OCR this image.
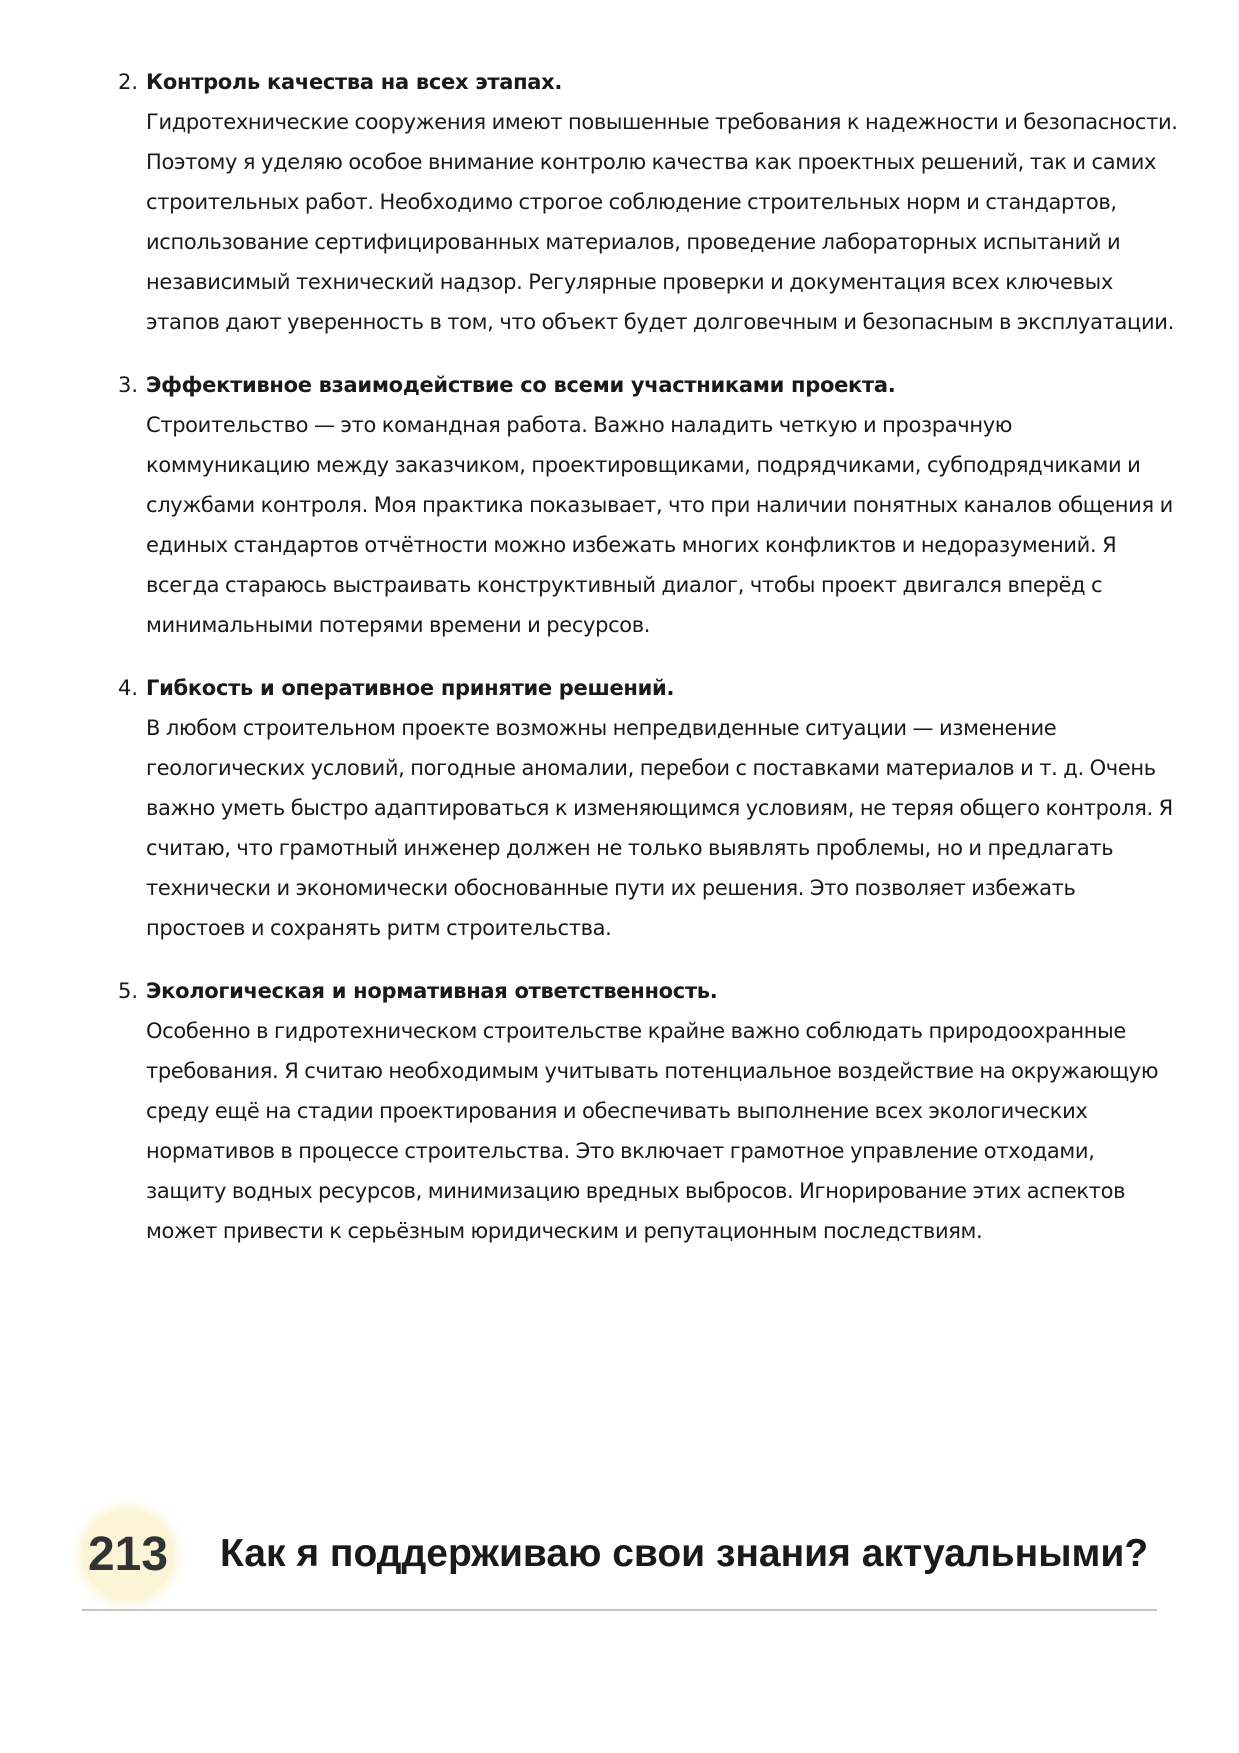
2. Контроль качества на всех этапах.
Гидротехнические сооружения имеют повышенные требования к надежности и безопасности. Поэтому я уделяю особое внимание контролю качества как проектных решений, так и самих строительных работ. Необходимо строгое соблюдение строительных норм и стандартов, использование сертифицированных материалов, проведение лабораторных испытаний и независимый технический надзор. Регулярные проверки и документация всех ключевых этапов дают уверенность в том, что объект будет долговечным и безопасным в эксплуатации.
3. Эффективное взаимодействие со всеми участниками проекта.
Строительство — это командная работа. Важно наладить четкую и прозрачную коммуникацию между заказчиком, проектировщиками, подрядчиками, субподрядчиками и службами контроля. Моя практика показывает, что при наличии понятных каналов общения и единых стандартов отчётности можно избежать многих конфликтов и недоразумений. Я всегда стараюсь выстраивать конструктивный диалог, чтобы проект двигался вперёд с минимальными потерями времени и ресурсов.
4. Гибкость и оперативное принятие решений.
В любом строительном проекте возможны непредвиденные ситуации — изменение геологических условий, погодные аномалии, перебои с поставками материалов и т. д. Очень важно уметь быстро адаптироваться к изменяющимся условиям, не теряя общего контроля. Я считаю, что грамотный инженер должен не только выявлять проблемы, но и предлагать технически и экономически обоснованные пути их решения. Это позволяет избежать простоев и сохранять ритм строительства.
5. Экологическая и нормативная ответственность.
Особенно в гидротехническом строительстве крайне важно соблюдать природоохранные требования. Я считаю необходимым учитывать потенциальное воздействие на окружающую среду ещё на стадии проектирования и обеспечивать выполнение всех экологических нормативов в процессе строительства. Это включает грамотное управление отходами, защиту водных ресурсов, минимизацию вредных выбросов. Игнорирование этих аспектов может привести к серьёзным юридическим и репутационным последствиям.
213 Как я поддерживаю свои знания актуальными?
